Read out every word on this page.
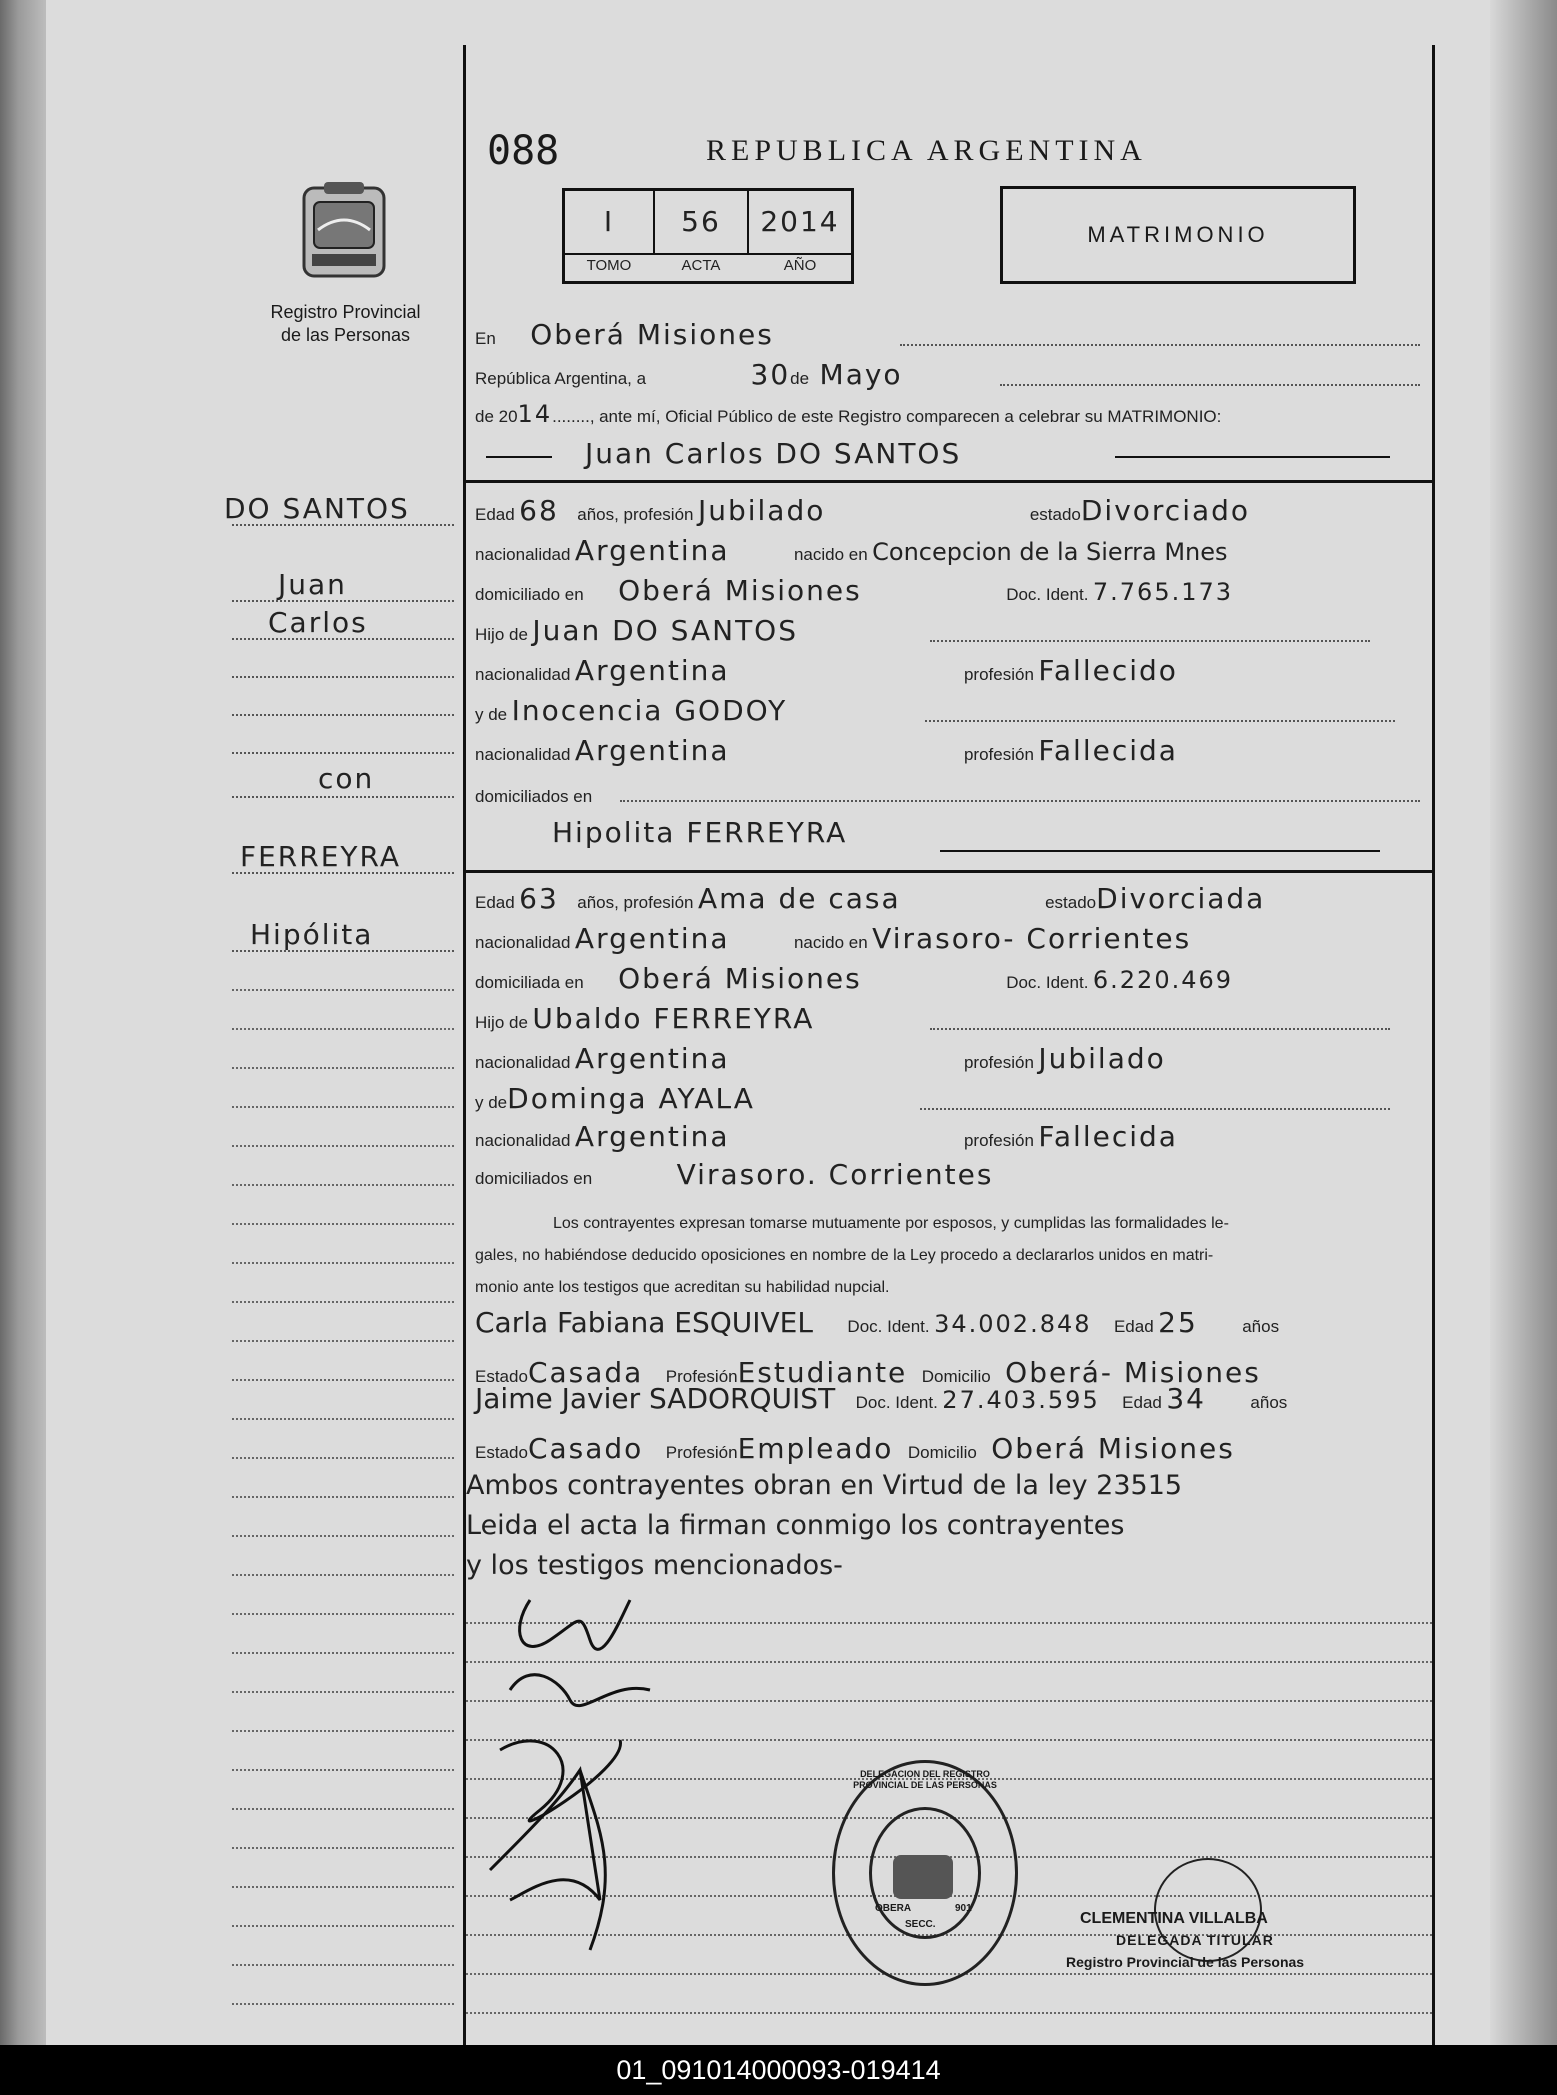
088	REPUBLICA ARGENTINA
Registro Provincial
de las Personas
I	56	2014
TOMO	ACTA	AÑO
MATRIMONIO
En Oberá Misiones
República Argentina, a	30de Mayo
de 2014........, ante mí, Oficial Público de este Registro comparecen a celebrar su MATRIMONIO:
Juan Carlos DO SANTOS
DO SANTOS
Juan
Carlos
con
FERREYRA
Hipólita
Edad 68 años, profesión Jubilado	estadoDivorciado
nacionalidad Argentina	nacido en Concepcion de la Sierra Mnes
domiciliado en Oberá Misiones	Doc. Ident. 7.765.173
Hijo de Juan DO SANTOS
nacionalidad Argentina	profesión Fallecido
y de Inocencia GODOY
nacionalidad Argentina	profesión Fallecida
domiciliados en
Hipolita FERREYRA
Edad 63 años, profesión Ama de casa	estadoDivorciada
nacionalidad Argentina	nacido en Virasoro- Corrientes
domiciliada en Oberá Misiones	Doc. Ident. 6.220.469
Hijo de Ubaldo FERREYRA
nacionalidad Argentina	profesión Jubilado
y deDominga AYALA
nacionalidad Argentina	profesión Fallecida
domiciliados en	Virasoro. Corrientes
Los contrayentes expresan tomarse mutuamente por esposos, y cumplidas las formalidades le-
gales, no habiéndose deducido oposiciones en nombre de la Ley procedo a declararlos unidos en matri-
monio ante los testigos que acreditan su habilidad nupcial.
Carla Fabiana ESQUIVEL Doc. Ident. 34.002.848 Edad 25	años
EstadoCasada ProfesiónEstudiante Domicilio Oberá- Misiones
Jaime Javier SADORQUIST Doc. Ident. 27.403.595 Edad 34	años
EstadoCasado ProfesiónEmpleado Domicilio Oberá Misiones
Ambos contrayentes obran en Virtud de la ley 23515
Leida el acta la firman conmigo los contrayentes
y los testigos mencionados-
DELEGACION DEL REGISTRO PROVINCIAL DE LAS PERSONAS
OBERA
SECC.
901
CLEMENTINA VILLALBA
DELEGADA TITULAR
Registro Provincial de las Personas
01_091014000093-019414
